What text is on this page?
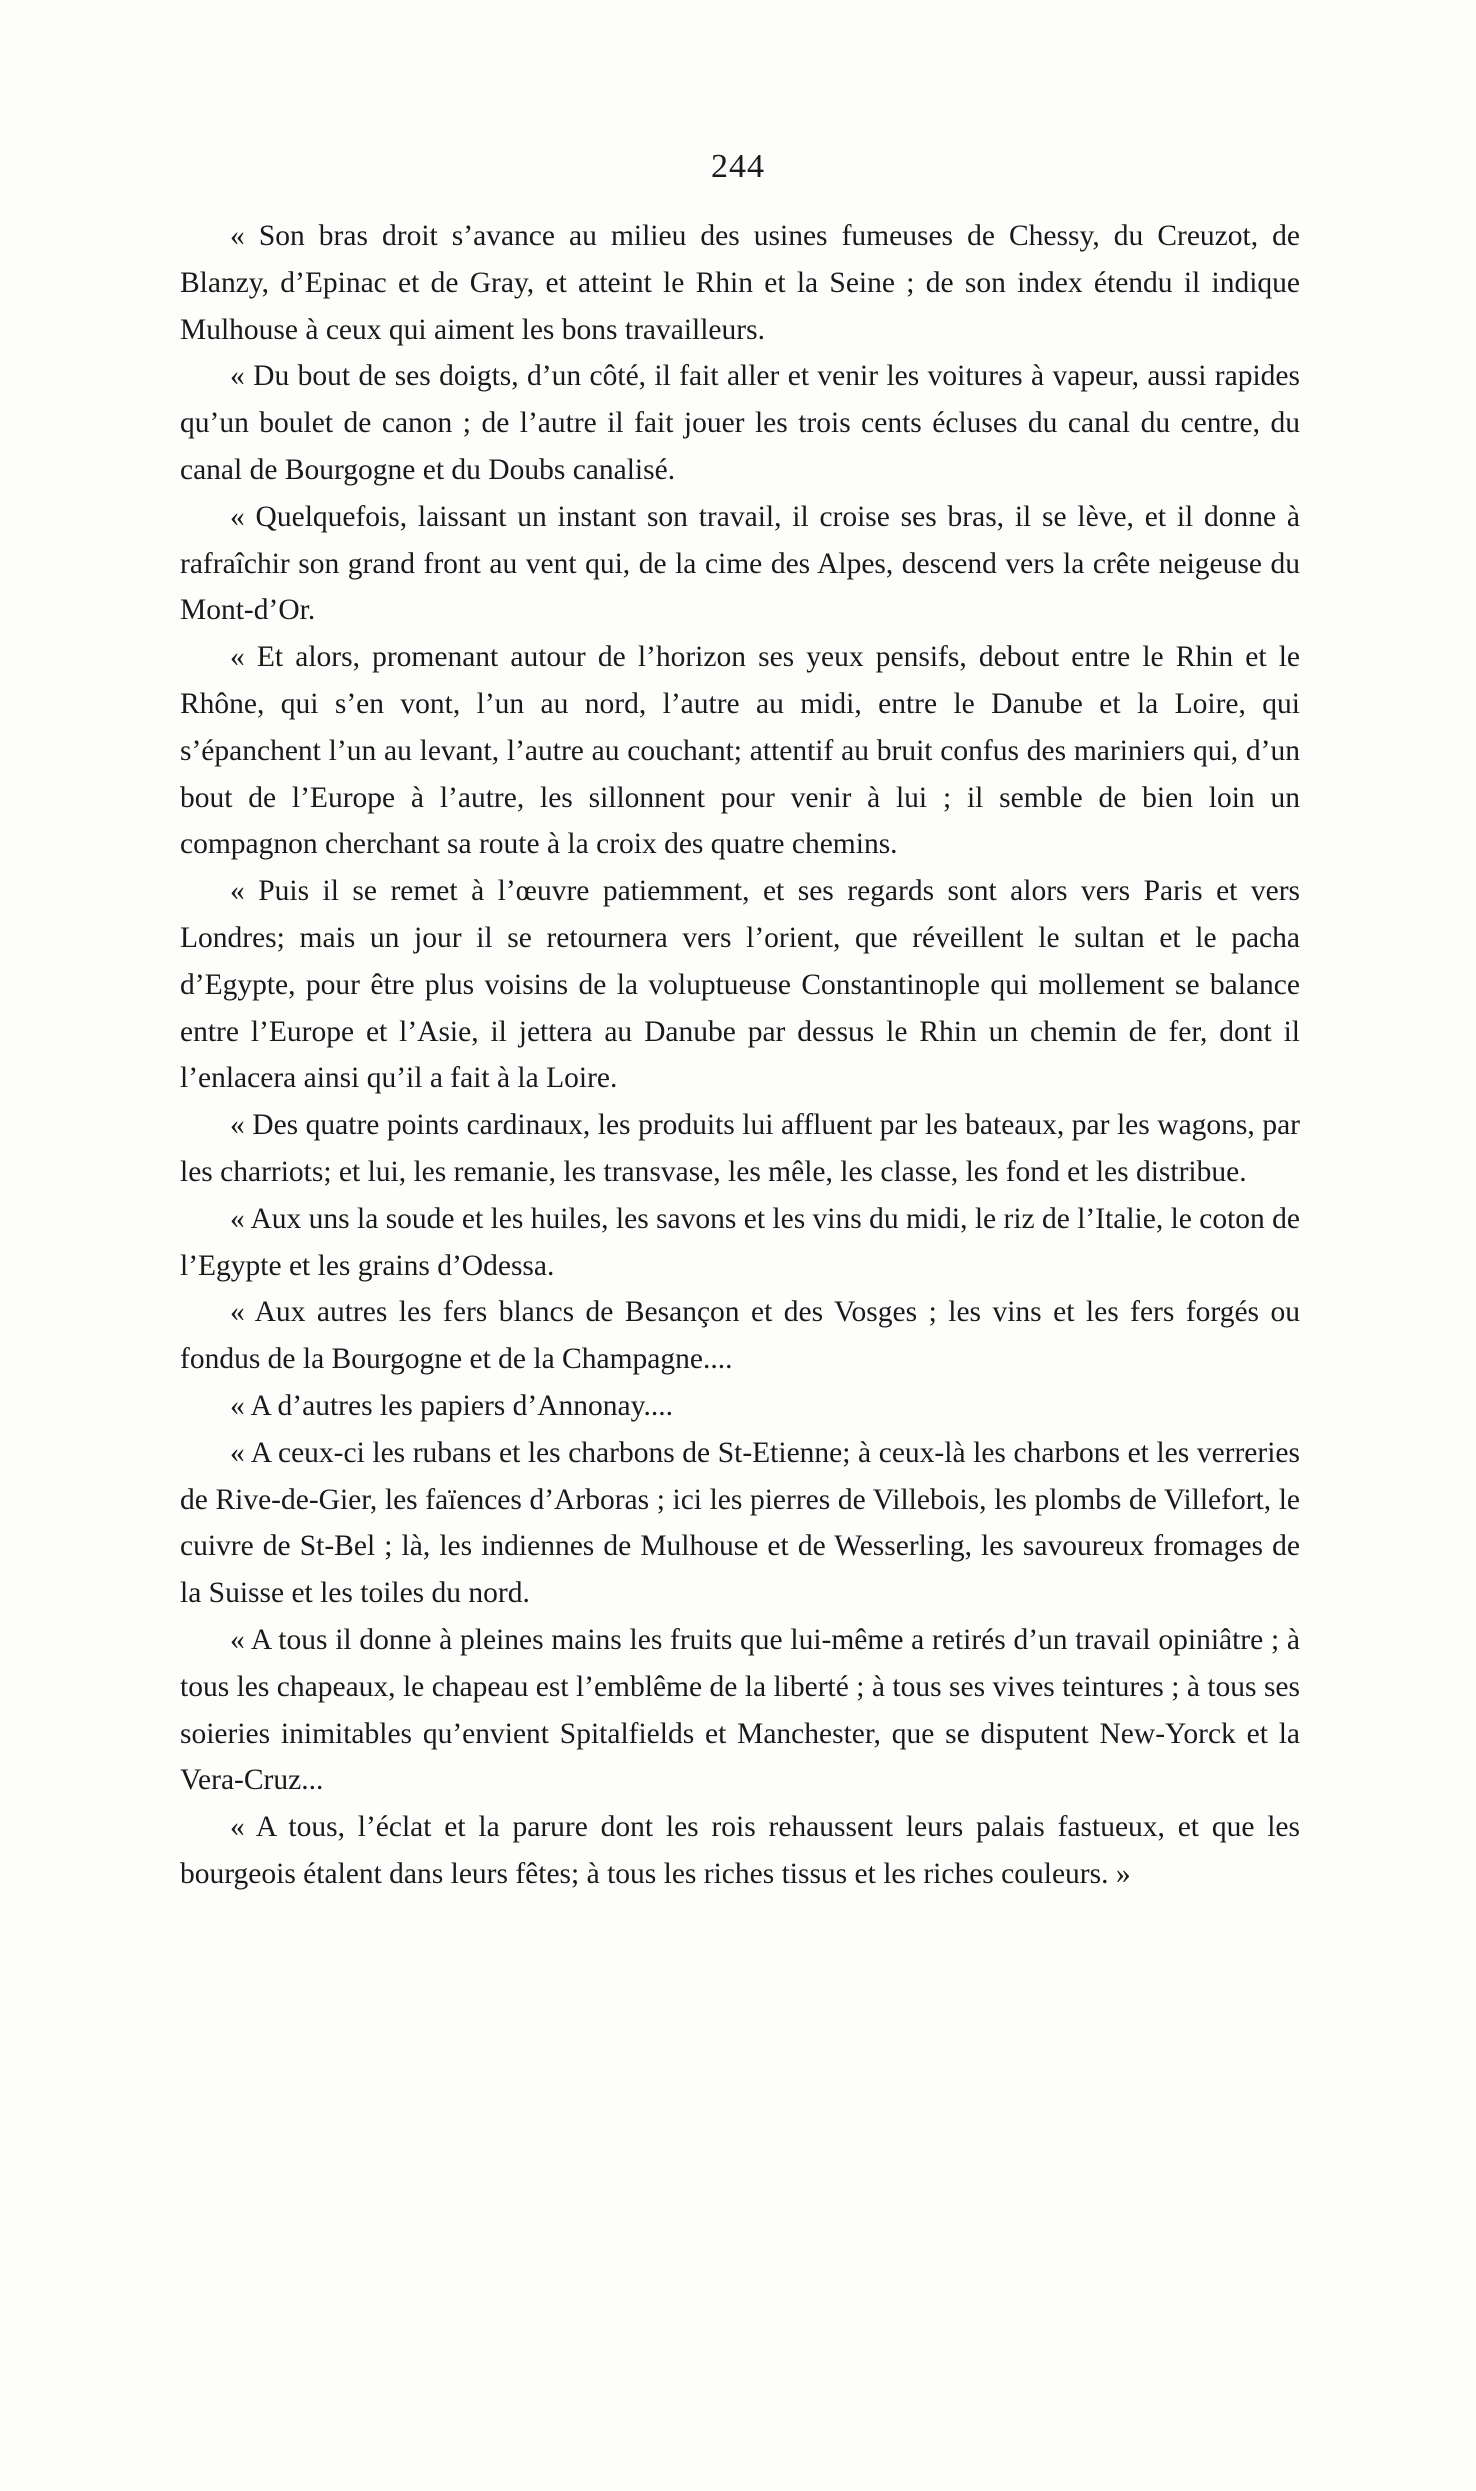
244

« Son bras droit s’avance au milieu des usines fumeuses de Chessy, du Creuzot, de Blanzy, d’Epinac et de Gray, et atteint le Rhin et la Seine ; de son index étendu il indique Mulhouse à ceux qui aiment les bons travailleurs.

« Du bout de ses doigts, d’un côté, il fait aller et venir les voitures à vapeur, aussi rapides qu’un boulet de canon ; de l’autre il fait jouer les trois cents écluses du canal du centre, du canal de Bourgogne et du Doubs canalisé.

« Quelquefois, laissant un instant son travail, il croise ses bras, il se lève, et il donne à rafraîchir son grand front au vent qui, de la cime des Alpes, descend vers la crête neigeuse du Mont-d’Or.

« Et alors, promenant autour de l’horizon ses yeux pensifs, debout entre le Rhin et le Rhône, qui s’en vont, l’un au nord, l’autre au midi, entre le Danube et la Loire, qui s’épanchent l’un au levant, l’autre au couchant; attentif au bruit confus des mariniers qui, d’un bout de l’Europe à l’autre, les sillonnent pour venir à lui ; il semble de bien loin un compagnon cherchant sa route à la croix des quatre chemins.

« Puis il se remet à l’œuvre patiemment, et ses regards sont alors vers Paris et vers Londres; mais un jour il se retournera vers l’orient, que réveillent le sultan et le pacha d’Egypte, pour être plus voisins de la voluptueuse Constantinople qui mollement se balance entre l’Europe et l’Asie, il jettera au Danube par dessus le Rhin un chemin de fer, dont il l’enlacera ainsi qu’il a fait à la Loire.

« Des quatre points cardinaux, les produits lui affluent par les bateaux, par les wagons, par les charriots; et lui, les remanie, les transvase, les mêle, les classe, les fond et les distribue.

« Aux uns la soude et les huiles, les savons et les vins du midi, le riz de l’Italie, le coton de l’Egypte et les grains d’Odessa.

« Aux autres les fers blancs de Besançon et des Vosges ; les vins et les fers forgés ou fondus de la Bourgogne et de la Champagne....

« A d’autres les papiers d’Annonay....

« A ceux-ci les rubans et les charbons de St-Etienne; à ceux-là les charbons et les verreries de Rive-de-Gier, les faïences d’Arboras ; ici les pierres de Villebois, les plombs de Villefort, le cuivre de St-Bel ; là, les indiennes de Mulhouse et de Wesserling, les savoureux fromages de la Suisse et les toiles du nord.

« A tous il donne à pleines mains les fruits que lui-même a retirés d’un travail opiniâtre ; à tous les chapeaux, le chapeau est l’emblême de la liberté ; à tous ses vives teintures ; à tous ses soieries inimitables qu’envient Spitalfields et Manchester, que se disputent New-Yorck et la Vera-Cruz...

« A tous, l’éclat et la parure dont les rois rehaussent leurs palais fastueux, et que les bourgeois étalent dans leurs fêtes; à tous les riches tissus et les riches couleurs. »
